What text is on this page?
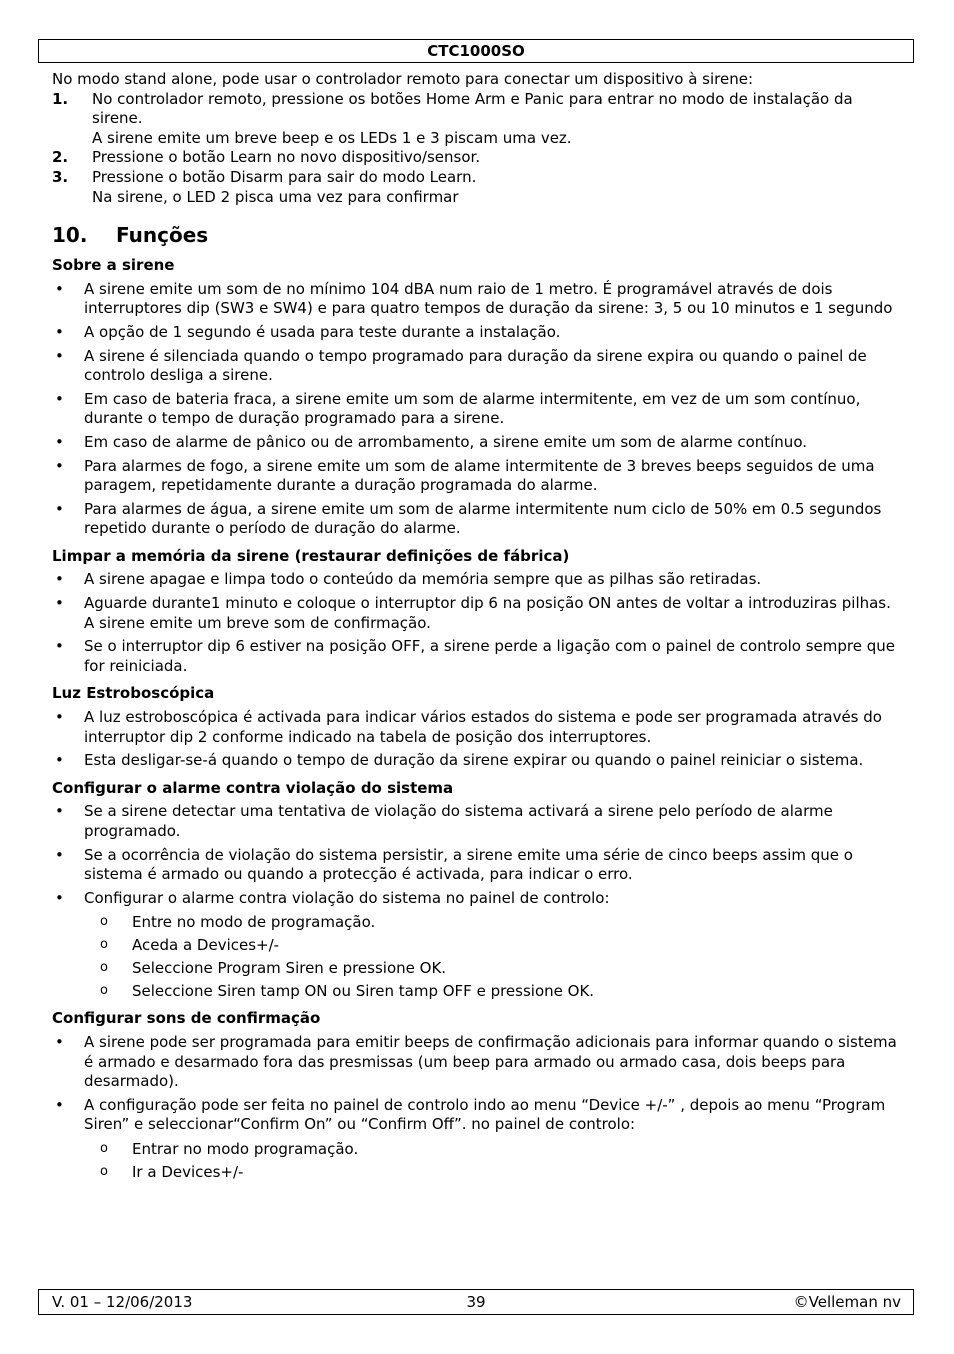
CTC1000SO

No modo stand alone, pode usar o controlador remoto para conectar um dispositivo à sirene:

1. No controlador remoto, pressione os botões Home Arm e Panic para entrar no modo de instalação da sirene.

A sirene emite um breve beep e os LEDs 1 e 3 piscam uma vez.

2. Pressione o botão Learn no novo dispositivo/sensor.

3. Pressione o botão Disarm para sair do modo Learn.

Na sirene, o LED 2 pisca uma vez para confirmar

10. Funções
Sobre a sirene
• A sirene emite um som de no mínimo 104 dBA num raio de 1 metro. É programável através de dois interruptores dip (SW3 e SW4) e para quatro tempos de duração da sirene: 3, 5 ou 10 minutos e 1 segundo
• A opção de 1 segundo é usada para teste durante a instalação.
• A sirene é silenciada quando o tempo programado para duração da sirene expira ou quando o painel de controlo desliga a sirene.
• Em caso de bateria fraca, a sirene emite um som de alarme intermitente, em vez de um som contínuo, durante o tempo de duração programado para a sirene.
• Em caso de alarme de pânico ou de arrombamento, a sirene emite um som de alarme contínuo.
• Para alarmes de fogo, a sirene emite um som de alame intermitente de 3 breves beeps seguidos de uma paragem, repetidamente durante a duração programada do alarme.
• Para alarmes de água, a sirene emite um som de alarme intermitente num ciclo de 50% em 0.5 segundos repetido durante o período de duração do alarme.
Limpar a memória da sirene (restaurar definições de fábrica)
• A sirene apagae e limpa todo o conteúdo da memória sempre que as pilhas são retiradas.
• Aguarde durante1 minuto e coloque o interruptor dip 6 na posição ON antes de voltar a introduziras pilhas.
A sirene emite um breve som de confirmação.
• Se o interruptor dip 6 estiver na posição OFF, a sirene perde a ligação com o painel de controlo sempre que for reiniciada.
Luz Estroboscópica
• A luz estroboscópica é activada para indicar vários estados do sistema e pode ser programada através do interruptor dip 2 conforme indicado na tabela de posição dos interruptores.
• Esta desligar-se-á quando o tempo de duração da sirene expirar ou quando o painel reiniciar o sistema.
Configurar o alarme contra violação do sistema
• Se a sirene detectar uma tentativa de violação do sistema activará a sirene pelo período de alarme programado.
• Se a ocorrência de violação do sistema persistir, a sirene emite uma série de cinco beeps assim que o sistema é armado ou quando a protecção é activada, para indicar o erro.
• Configurar o alarme contra violação do sistema no painel de controlo:
o Entre no modo de programação.
o Aceda a Devices+/-
o Seleccione Program Siren e pressione OK.
o Seleccione Siren tamp ON ou Siren tamp OFF e pressione OK.
Configurar sons de confirmação
• A sirene pode ser programada para emitir beeps de confirmação adicionais para informar quando o sistema é armado e desarmado fora das presmissas (um beep para armado ou armado casa, dois beeps para desarmado).
• A configuração pode ser feita no painel de controlo indo ao menu “Device +/-” , depois ao menu “Program Siren” e seleccionar“Confirm On” ou “Confirm Off”. no painel de controlo:
o Entrar no modo programação.
o Ir a Devices+/-
V. 01 – 12/06/2013	39	©Velleman nv
